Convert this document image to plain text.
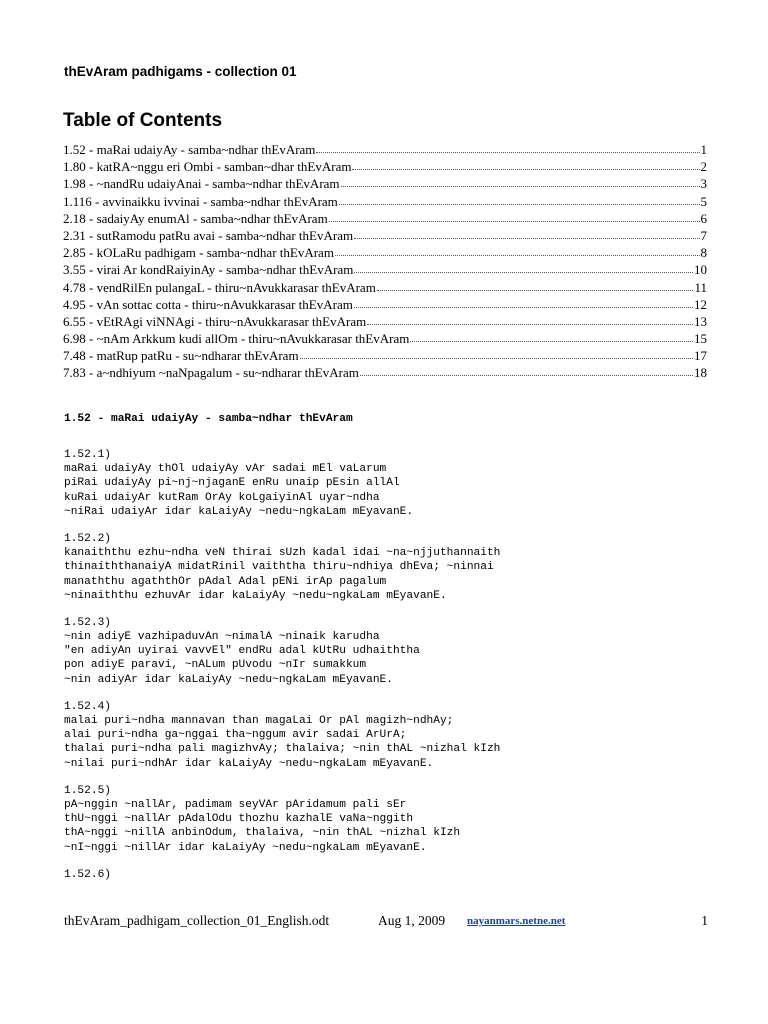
thEvAram padhigams - collection 01
Table of Contents
1.52 - maRai udaiyAy - samba~ndhar thEvAram	1
1.80 - katRA~nggu eri Ombi - samban~dhar thEvAram	2
1.98 - ~nandRu udaiyAnai - samba~ndhar thEvAram	3
1.116 - avvinaikku ivvinai - samba~ndhar thEvAram	5
2.18 - sadaiyAy enumAl - samba~ndhar thEvAram	6
2.31 - sutRamodu patRu avai - samba~ndhar thEvAram	7
2.85 - kOLaRu padhigam - samba~ndhar thEvAram	8
3.55 - virai Ar kondRaiyinAy - samba~ndhar thEvAram	10
4.78 - vendRilEn pulangaL - thiru~nAvukkarasar thEvAram	11
4.95 - vAn sottac cotta - thiru~nAvukkarasar thEvAram	12
6.55 - vEtRAgi viNNAgi - thiru~nAvukkarasar thEvAram	13
6.98 - ~nAm Arkkum kudi allOm - thiru~nAvukkarasar thEvAram	15
7.48 - matRup patRu - su~ndharar thEvAram	17
7.83 - a~ndhiyum ~naNpagalum - su~ndharar thEvAram	18
1.52 - maRai udaiyAy - samba~ndhar thEvAram
1.52.1)
maRai udaiyAy thOl udaiyAy vAr sadai mEl vaLarum
piRai udaiyAy pi~nj~njaganE enRu unaip pEsin allAl
kuRai udaiyAr kutRam OrAy koLgaiyinAl uyar~ndha
~niRai udaiyAr idar kaLaiyAy ~nedu~ngkaLam mEyavanE.
1.52.2)
kanaiththu ezhu~ndha veN thirai sUzh kadal idai ~na~njjuthannaith
thinaiththanaiyA midatRinil vaiththa thiru~ndhiya dhEva; ~ninnai
manaththu agaththOr pAdal Adal pENi irAp pagalum
~ninaiththu ezhuvAr idar kaLaiyAy ~nedu~ngkaLam mEyavanE.
1.52.3)
~nin adiyE vazhipaduvAn ~nimalA ~ninaik karudha
"en adiyAn uyirai vavvEl" endRu adal kUtRu udhaiththa
pon adiyE paravi, ~nALum pUvodu ~nIr sumakkum
~nin adiyAr idar kaLaiyAy ~nedu~ngkaLam mEyavanE.
1.52.4)
malai puri~ndha mannavan than magaLai Or pAl magizh~ndhAy;
alai puri~ndha ga~nggai tha~nggum avir sadai ArUrA;
thalai puri~ndha pali magizhvAy; thalaiva; ~nin thAL ~nizhal kIzh
~nilai puri~ndhAr idar kaLaiyAy ~nedu~ngkaLam mEyavanE.
1.52.5)
pA~nggin ~nallAr, padimam seyVAr pAridamum pali sEr
thU~nggi ~nallAr pAdalOdu thozhu kazhalE vaNa~nggith
thA~nggi ~nillA anbinOdum, thalaiva, ~nin thAL ~nizhal kIzh
~nI~nggi ~nillAr idar kaLaiyAy ~nedu~ngkaLam mEyavanE.
1.52.6)
thEvAram_padhigam_collection_01_English.odt	Aug 1, 2009 nayanmars.netne.net	1
